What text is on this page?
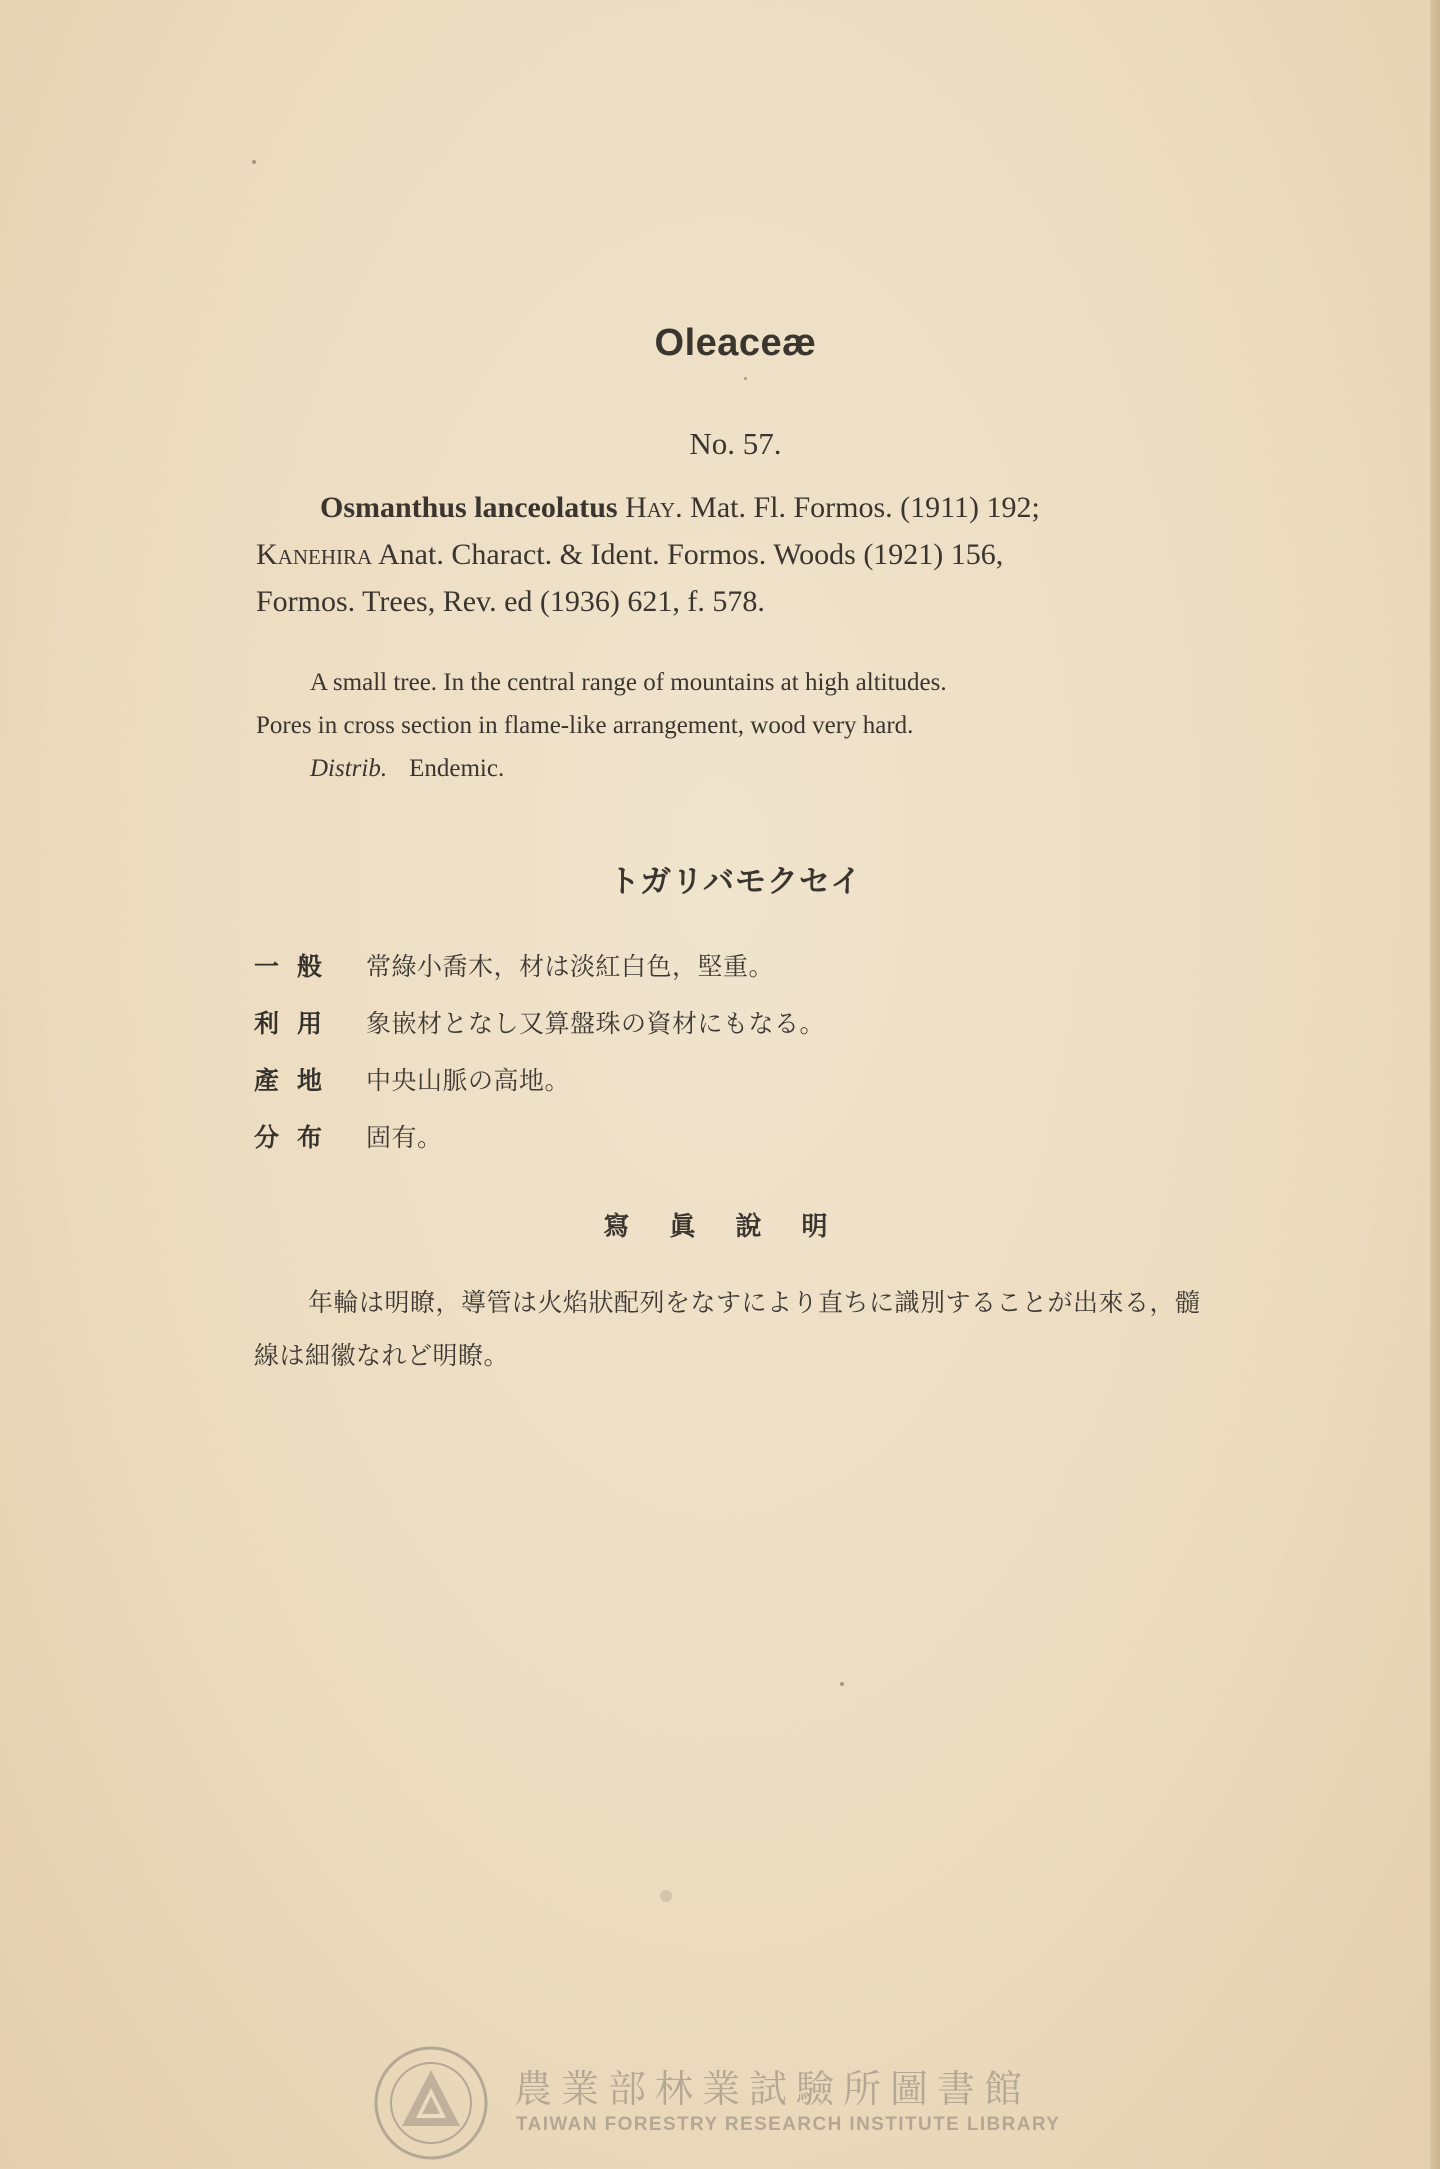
Oleaceæ
No. 57.

Osmanthus lanceolatus Hay. Mat. Fl. Formos. (1911) 192;

Kanehira Anat. Charact. & Ident. Formos. Woods (1921) 156,

Formos. Trees, Rev. ed (1936) 621, f. 578.

A small tree. In the central range of mountains at high altitudes.

Pores in cross section in flame-like arrangement, wood very hard.

Distrib. Endemic.

トガリバモクセイ
一般	常綠小喬木，材は淡紅白色，堅重。
利用	象嵌材となし又算盤珠の資材にもなる。
產地	中央山脈の高地。
分布	固有。
寫眞說明

年輪は明瞭，導管は火焰狀配列をなすにより直ちに識別することが出來る，髓線は細徽なれど明瞭。

農業部林業試驗所圖書館
TAIWAN FORESTRY RESEARCH INSTITUTE LIBRARY
